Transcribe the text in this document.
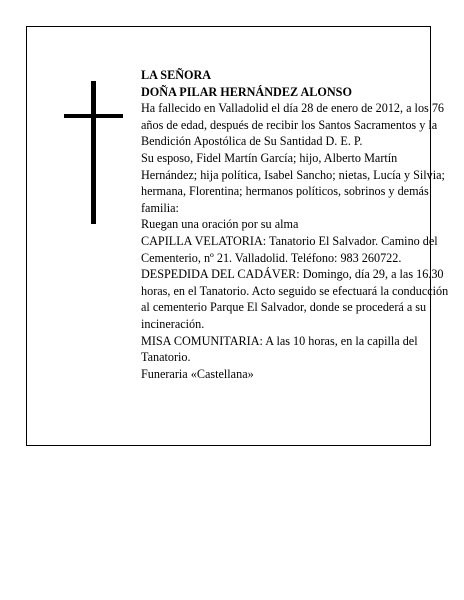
LA SEÑORA

DOÑA PILAR HERNÁNDEZ ALONSO

Ha fallecido en Valladolid el día 28 de enero de 2012, a los 76 años de edad, después de recibir los Santos Sacramentos y la Bendición Apostólica de Su Santidad D. E. P.

Su esposo, Fidel Martín García; hijo, Alberto Martín Hernández; hija política, Isabel Sancho; nietas, Lucía y Silvia; hermana, Florentina; hermanos políticos, sobrinos y demás familia:

Ruegan una oración por su alma

CAPILLA VELATORIA: Tanatorio El Salvador. Camino del Cementerio, nº 21. Valladolid. Teléfono: 983 260722.

DESPEDIDA DEL CADÁVER: Domingo, día 29, a las 16.30 horas, en el Tanatorio. Acto seguido se efectuará la conducción al cementerio Parque El Salvador, donde se procederá a su incineración.

MISA COMUNITARIA: A las 10 horas, en la capilla del Tanatorio.

Funeraria «Castellana»
